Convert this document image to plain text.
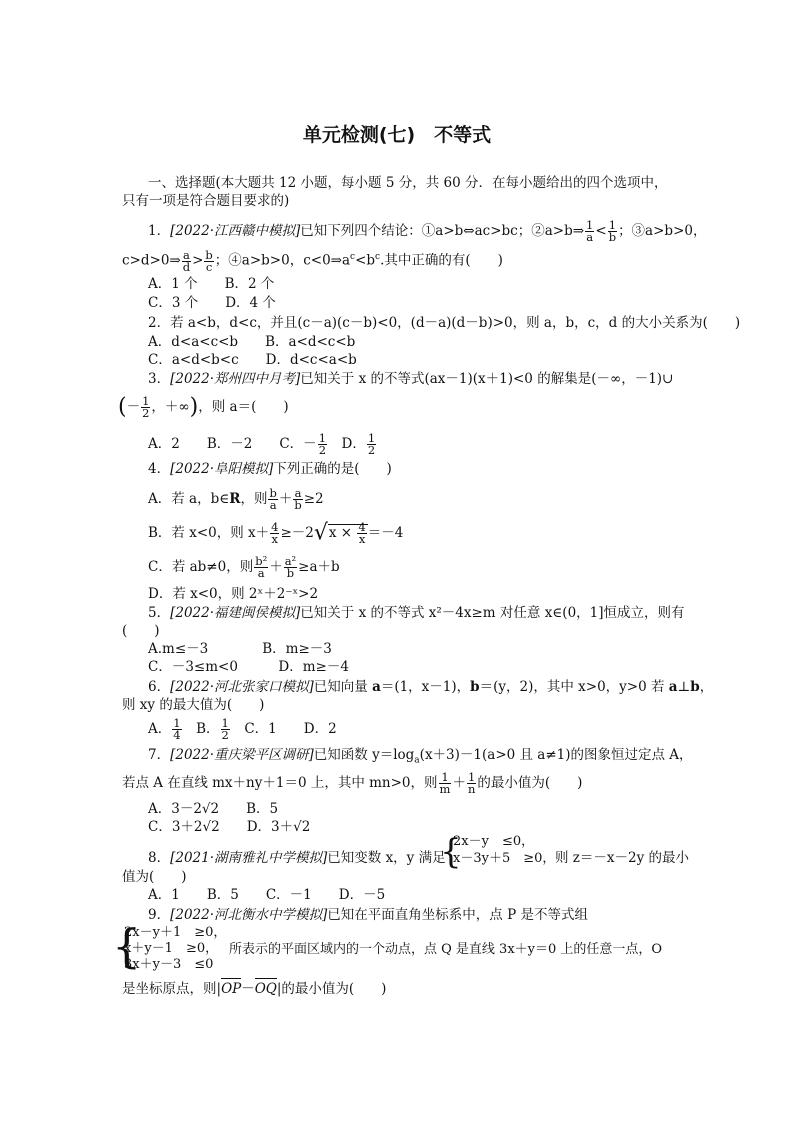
单元检测(七)　不等式
一、选择题(本大题共 12 小题，每小题 5 分，共 60 分．在每小题给出的四个选项中，
只有一项是符合题目要求的)
1．[2022·江西赣中模拟]已知下列四个结论：①a>b⇔ac>bc；②a>b⇒ $\frac{1}{a} < \frac{1}{b}$ ；③a>b>0，
c>d>0⇒ $\frac{a}{d} > \frac{b}{c}$ ；④a>b>0，$c<0\Rightarrow a^c<b^c$.其中正确的有(　　)
A．1 个　　B．2 个
C．3 个　　D．4 个
2．若 a<b，d<c，并且(c－a)(c－b)<0，(d－a)(d－b)>0，则 a，b，c，d 的大小关系为(　　)
A．d<a<c<b　　B．a<d<c<b
C．a<d<b<c　　D．d<c<a<b
3．[2022·郑州四中月考]已知关于 x 的不等式(ax－1)(x＋1)<0 的解集是(－∞，－1)∪
(－ $\frac{1}{2}$ ，＋∞)，则 a＝(　　)
A．2　　B．－2　　C．－ $\frac{1}{2}$ 　D． $\frac{1}{2}$
4．[2022·阜阳模拟]下列正确的是(　　)
A．若 a，b∈R，则 $\frac{b}{a} + \frac{a}{b} \ge 2$
B．若 x<0，则 $x+ \frac{4}{x} \ge-2√x \times \frac{4}{x} =-4$
C．若 ab≠0，则 $\frac{\text{b²}}{a} + \frac{\text{a²}}{b} \ge a+b$
D．若 x<0，则 2ˣ＋2⁻ˣ>2
5．[2022·福建闽侯模拟]已知关于 x 的不等式 x²－4x≥m 对任意 x∈(0，1]恒成立，则有
(　　)
A.m≤－3　　　　B．m≥－3
C．－3≤m<0　　　D．m≥－4
6．[2022·河北张家口模拟]已知向量 a＝(1，x－1)，b＝(y，2)，其中 x>0，y>0 若 a⊥b，
则 xy 的最大值为(　　)
A． $\frac{1}{4}$ 　B． $\frac{1}{2}$ 　C．1　　D．2
7．[2022·重庆梁平区调研]已知函数 $y=\log_a(x+3)-1(a>0$ 且 a≠1)的图象恒过定点 A，
若点 A 在直线 mx＋ny＋1＝0 上，其中 mn>0，则 $\frac{1}{m} + \frac{1}{n}$ 的最小值为(　　)
A．3－2√2　　B．5
C．3＋2√2　　D．3＋√2
8．[2021·湖南雅礼中学模拟]已知变数 x，y 满足
{
2x－y　≤0，
x－3y＋5　≥0， 则 z＝－x－2y 的最小
值为(　　)
A．1　　B．5　　C．－1　　D．－5
9．[2022·河北衡水中学模拟]已知在平面直角坐标系中，点 P 是不等式组
{
2x－y＋1　≥0，
x＋y－1　≥0，
3x＋y－3　≤0
所表示的平面区域内的一个动点，点 Q 是直线 3x＋y＝0 上的任意一点，O
是坐标原点，则|OP－OQ|的最小值为(　　)
